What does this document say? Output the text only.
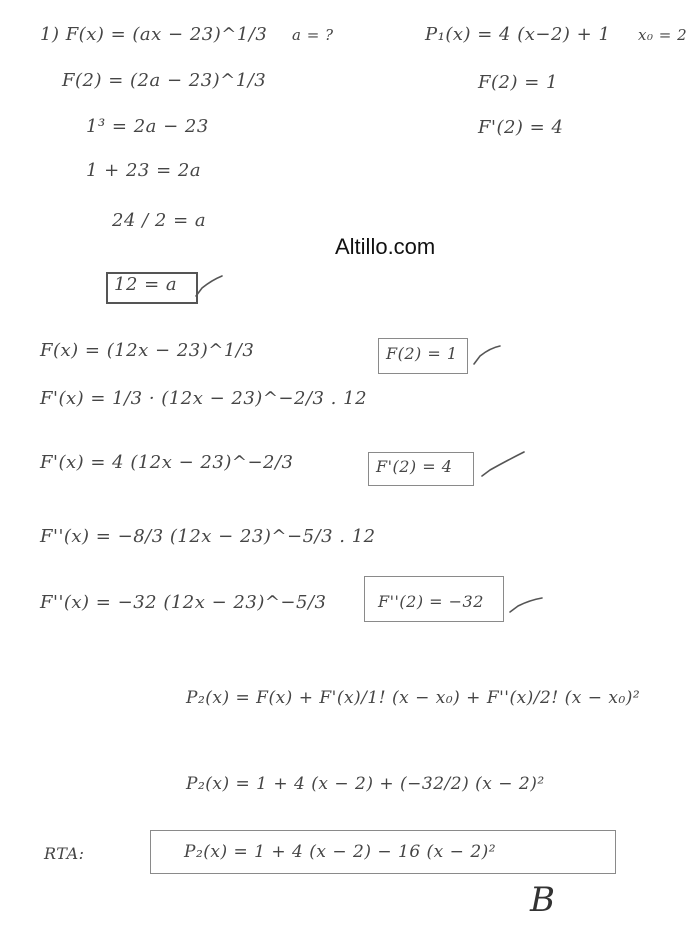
1) F(x) = (ax − 23)^1/3 a = ?	P₁(x) = 4 (x−2) + 1 x₀ = 2
F(2) = (2a − 23)^1/3	F(2) = 1
F'(2) = 4
1³ = 2a − 23
1 + 23 = 2a
24 / 2 = a
Altillo.com
12 = a
F(x) = (12x − 23)^1/3	F(2) = 1
F'(x) = 1/3 · (12x − 23)^−2/3 . 12
F'(x) = 4 (12x − 23)^−2/3	F'(2) = 4
F''(x) = −8/3 (12x − 23)^−5/3 . 12
F''(x) = −32 (12x − 23)^−5/3	F''(2) = −32
P₂(x) = F(x) + F'(x)/1! (x − x₀) + F''(x)/2! (x − x₀)²
P₂(x) = 1 + 4 (x − 2) + (−32/2) (x − 2)²
RTA:	P₂(x) = 1 + 4 (x − 2) − 16 (x − 2)²
B
